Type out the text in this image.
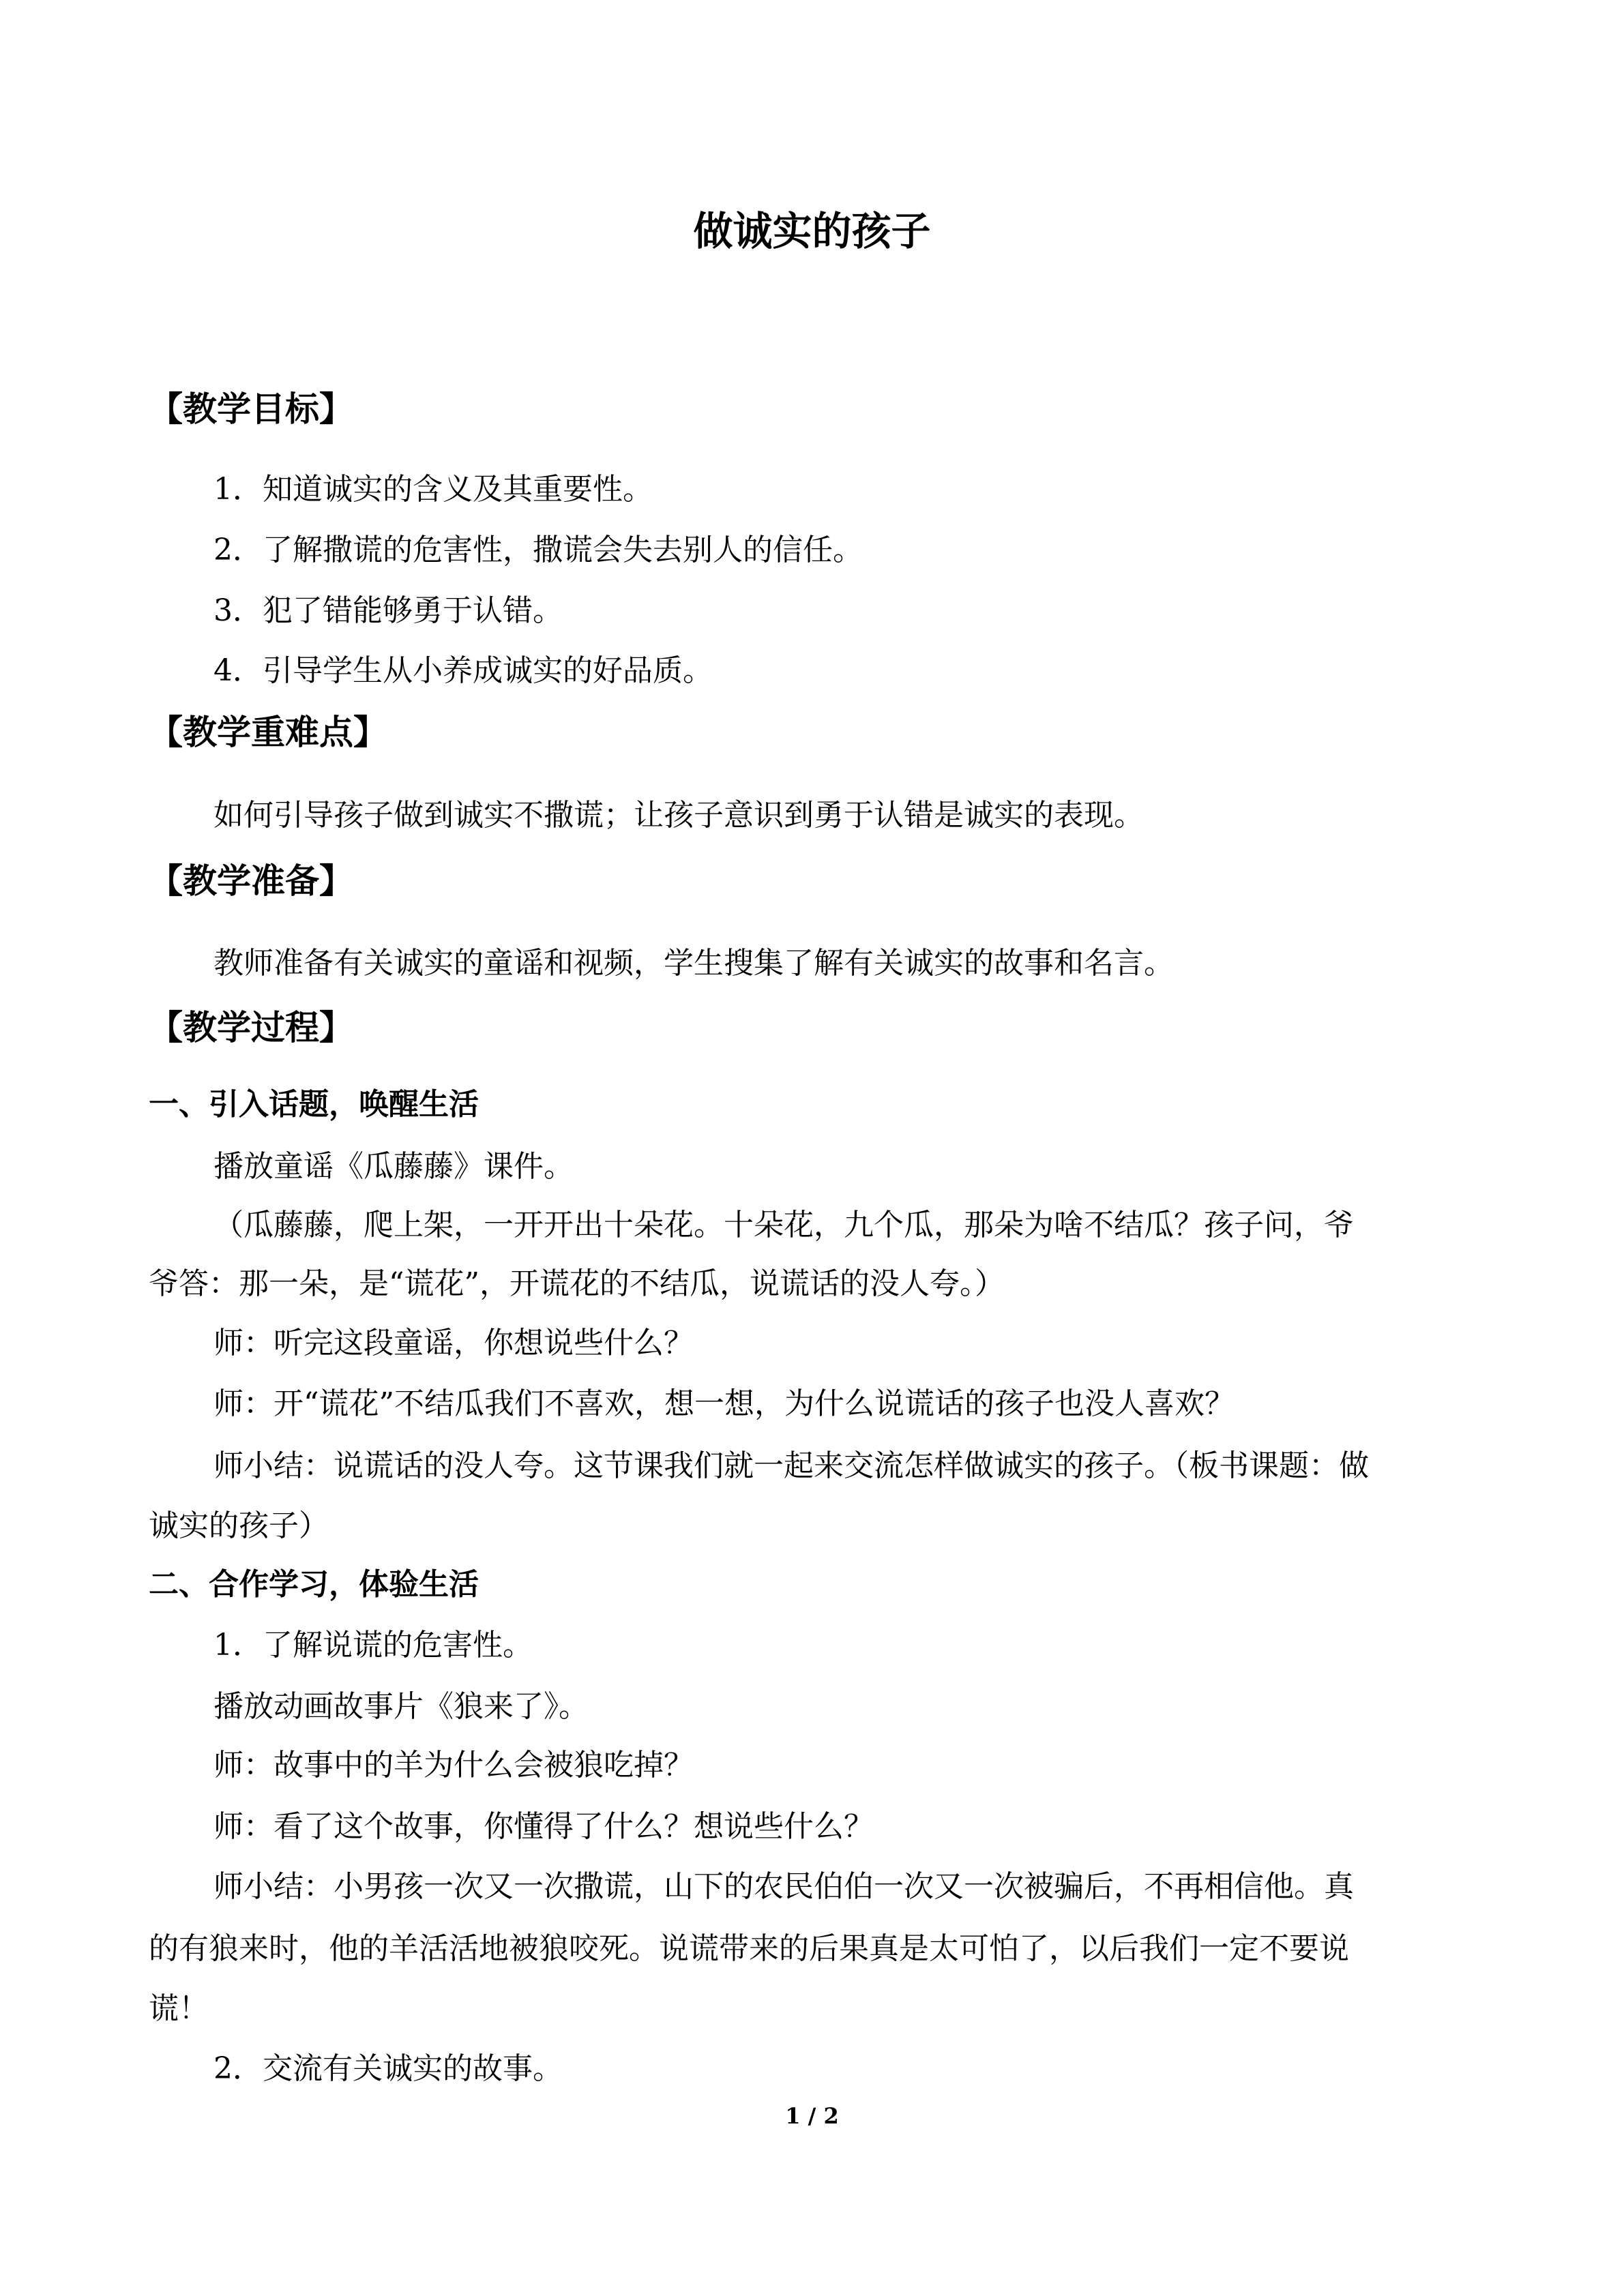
做诚实的孩子
【教学目标】
1．知道诚实的含义及其重要性。
2．了解撒谎的危害性，撒谎会失去别人的信任。
3．犯了错能够勇于认错。
4．引导学生从小养成诚实的好品质。
【教学重难点】
如何引导孩子做到诚实不撒谎；让孩子意识到勇于认错是诚实的表现。
【教学准备】
教师准备有关诚实的童谣和视频，学生搜集了解有关诚实的故事和名言。
【教学过程】
一、引入话题，唤醒生活
播放童谣《瓜藤藤》课件。
（瓜藤藤，爬上架，一开开出十朵花。十朵花，九个瓜，那朵为啥不结瓜？孩子问，爷
爷答：那一朵，是“谎花”，开谎花的不结瓜，说谎话的没人夸。）
师：听完这段童谣，你想说些什么？
师：开“谎花”不结瓜我们不喜欢，想一想，为什么说谎话的孩子也没人喜欢？
师小结：说谎话的没人夸。这节课我们就一起来交流怎样做诚实的孩子。（板书课题：做
诚实的孩子）
二、合作学习，体验生活
1．了解说谎的危害性。
播放动画故事片《狼来了》。
师：故事中的羊为什么会被狼吃掉？
师：看了这个故事，你懂得了什么？想说些什么？
师小结：小男孩一次又一次撒谎，山下的农民伯伯一次又一次被骗后，不再相信他。真
的有狼来时，他的羊活活地被狼咬死。说谎带来的后果真是太可怕了，以后我们一定不要说
谎！
2．交流有关诚实的故事。
1 / 2
